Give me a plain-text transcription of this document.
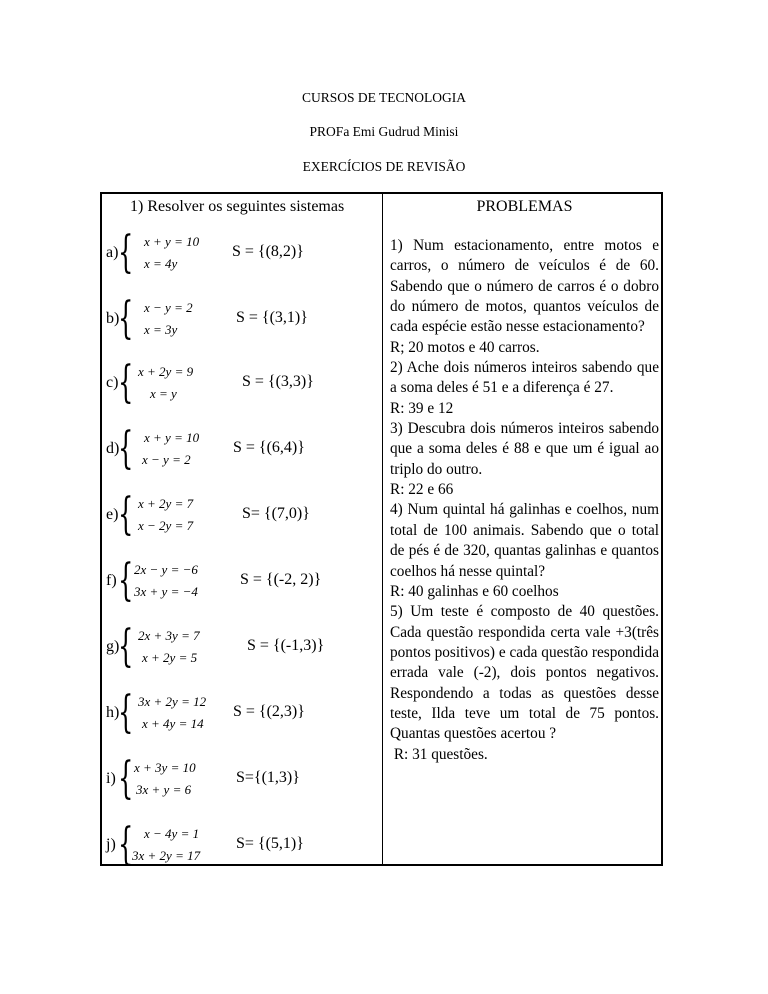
CURSOS DE TECNOLOGIA
PROFa Emi Gudrud Minisi
EXERCÍCIOS DE REVISÃO
1) Resolver os seguintes sistemas	PROBLEMAS
a) { x + y = 10
x = 4y
S = {(8,2)}
b)
{ x − y = 2
x = 3y
S = {(3,1)}
c) { x + 2y = 9
x = y
S = {(3,3)}
d)
{ x + y = 10
x − y = 2
S = {(6,4)}
e) { x + 2y = 7
x − 2y = 7
S= {(7,0)}
f) { 2x − y = −6
3x + y = −4
S = {(-2, 2)}
g)
{ 2x + 3y = 7
x + 2y = 5
S = {(-1,3)}
h)
{ 3x + 2y = 12
x + 4y = 14
S = {(2,3)}
i) { x + 3y = 10
3x + y = 6
S={(1,3)}
j) { x − 4y = 1
3x + 2y = 17
S= {(5,1)}
1) Num estacionamento, entre motos e carros, o número de veículos é de 60. Sabendo que o número de carros é o dobro do número de motos, quantos veículos de cada espécie estão nesse estacionamento?
R; 20 motos e 40 carros.
2) Ache dois números inteiros sabendo que a soma deles é 51 e a diferença é 27.
R: 39 e 12
3) Descubra dois números inteiros sabendo que a soma deles é 88 e que um é igual ao triplo do outro.
R: 22 e 66
4) Num quintal há galinhas e coelhos, num total de 100 animais. Sabendo que o total de pés é de 320, quantas galinhas e quantos coelhos há nesse quintal?
R: 40 galinhas e 60 coelhos
5) Um teste é composto de 40 questões. Cada questão respondida certa vale +3(três pontos positivos) e cada questão respondida errada vale (-2), dois pontos negativos. Respondendo a todas as questões desse teste, Ilda teve um total de 75 pontos. Quantas questões acertou ?
R: 31 questões.
